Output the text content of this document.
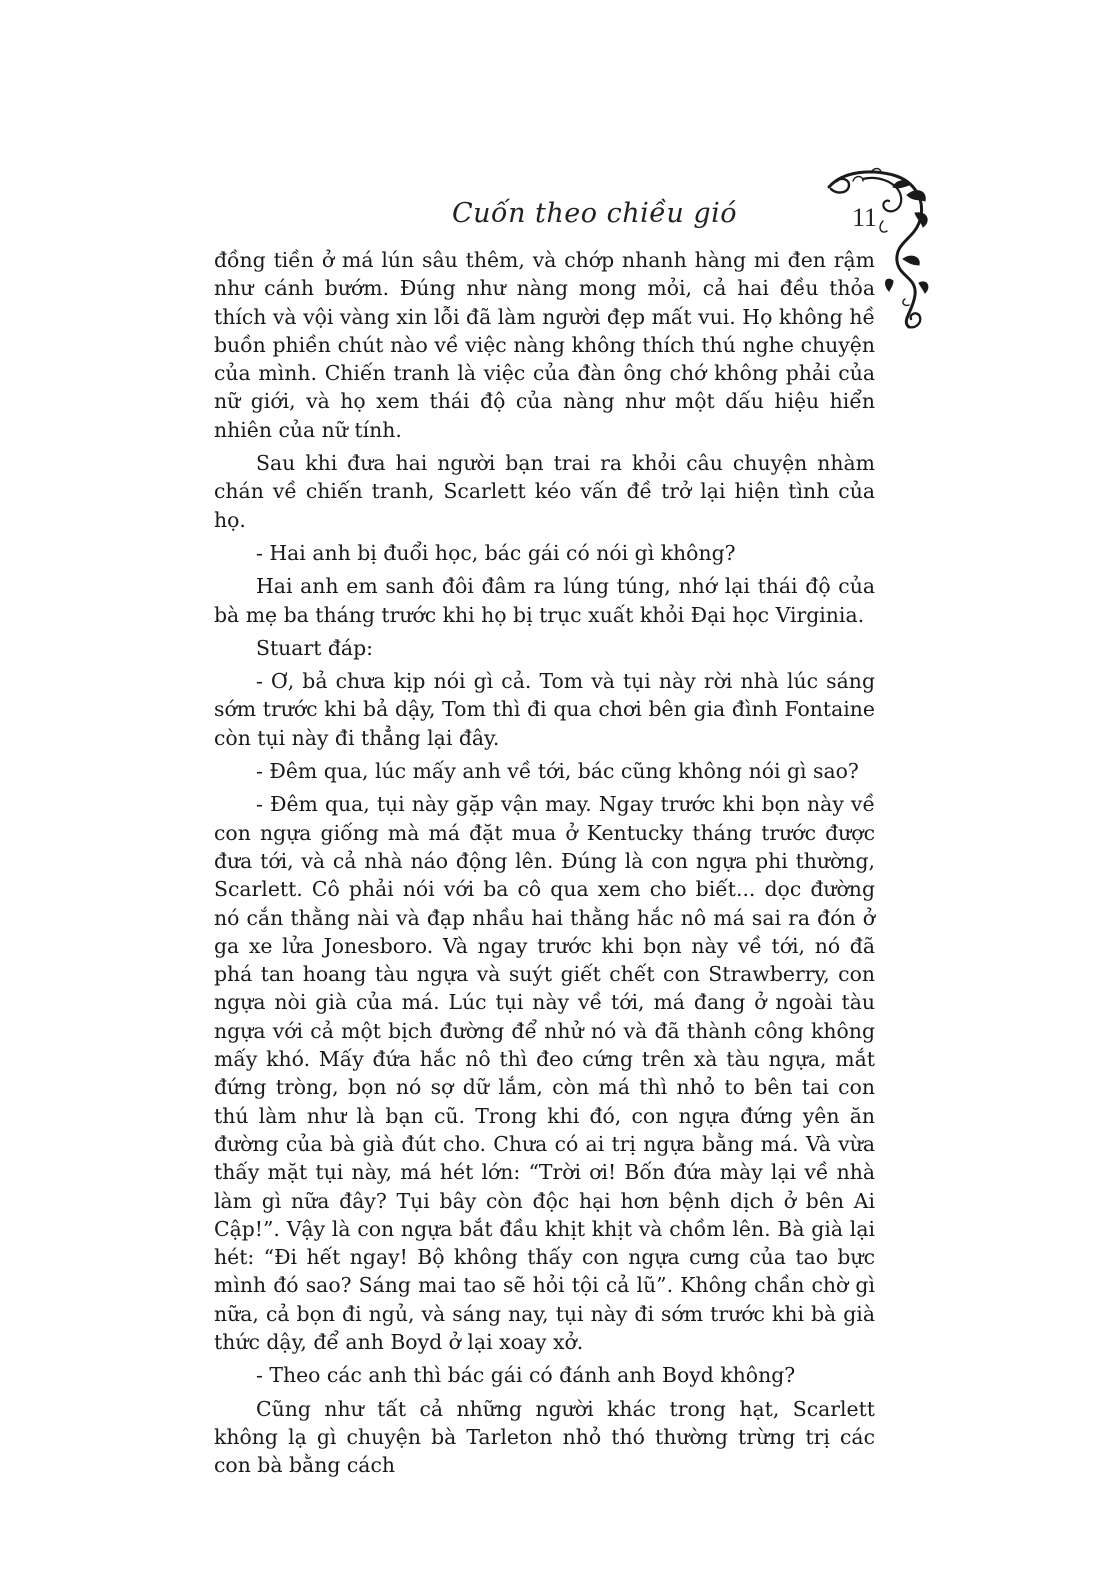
Cuốn theo chiều gió	11

đồng tiền ở má lún sâu thêm, và chớp nhanh hàng mi đen rậm như cánh bướm. Đúng như nàng mong mỏi, cả hai đều thỏa thích và vội vàng xin lỗi đã làm người đẹp mất vui. Họ không hề buồn phiền chút nào về việc nàng không thích thú nghe chuyện của mình. Chiến tranh là việc của đàn ông chớ không phải của nữ giới, và họ xem thái độ của nàng như một dấu hiệu hiển nhiên của nữ tính.

Sau khi đưa hai người bạn trai ra khỏi câu chuyện nhàm chán về chiến tranh, Scarlett kéo vấn đề trở lại hiện tình của họ.

- Hai anh bị đuổi học, bác gái có nói gì không?

Hai anh em sanh đôi đâm ra lúng túng, nhớ lại thái độ của bà mẹ ba tháng trước khi họ bị trục xuất khỏi Đại học Virginia.

Stuart đáp:

- Ơ, bả chưa kịp nói gì cả. Tom và tụi này rời nhà lúc sáng sớm trước khi bả dậy, Tom thì đi qua chơi bên gia đình Fontaine còn tụi này đi thẳng lại đây.

- Đêm qua, lúc mấy anh về tới, bác cũng không nói gì sao?

- Đêm qua, tụi này gặp vận may. Ngay trước khi bọn này về con ngựa giống mà má đặt mua ở Kentucky tháng trước được đưa tới, và cả nhà náo động lên. Đúng là con ngựa phi thường, Scarlett. Cô phải nói với ba cô qua xem cho biết... dọc đường nó cắn thằng nài và đạp nhầu hai thằng hắc nô má sai ra đón ở ga xe lửa Jonesboro. Và ngay trước khi bọn này về tới, nó đã phá tan hoang tàu ngựa và suýt giết chết con Strawberry, con ngựa nòi già của má. Lúc tụi này về tới, má đang ở ngoài tàu ngựa với cả một bịch đường để nhử nó và đã thành công không mấy khó. Mấy đứa hắc nô thì đeo cứng trên xà tàu ngựa, mắt đứng tròng, bọn nó sợ dữ lắm, còn má thì nhỏ to bên tai con thú làm như là bạn cũ. Trong khi đó, con ngựa đứng yên ăn đường của bà già đút cho. Chưa có ai trị ngựa bằng má. Và vừa thấy mặt tụi này, má hét lớn: “Trời ơi! Bốn đứa mày lại về nhà làm gì nữa đây? Tụi bây còn độc hại hơn bệnh dịch ở bên Ai Cập!”. Vậy là con ngựa bắt đầu khịt khịt và chồm lên. Bà già lại hét: “Đi hết ngay! Bộ không thấy con ngựa cưng của tao bực mình đó sao? Sáng mai tao sẽ hỏi tội cả lũ”. Không chần chờ gì nữa, cả bọn đi ngủ, và sáng nay, tụi này đi sớm trước khi bà già thức dậy, để anh Boyd ở lại xoay xở.

- Theo các anh thì bác gái có đánh anh Boyd không?

Cũng như tất cả những người khác trong hạt, Scarlett không lạ gì chuyện bà Tarleton nhỏ thó thường trừng trị các con bà bằng cách
